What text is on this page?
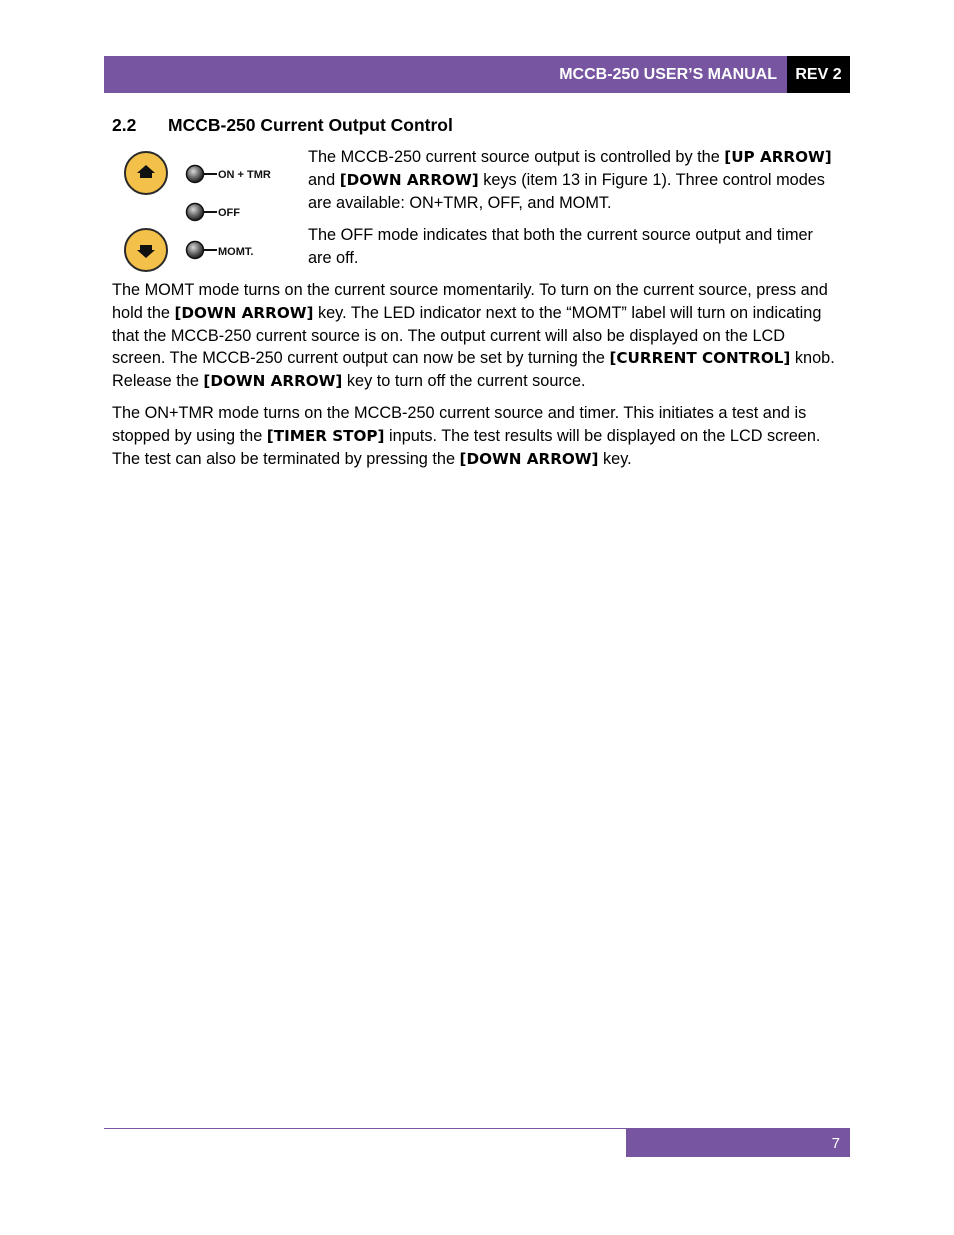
MCCB-250 USER’S MANUAL REV 2
2.2 MCCB-250 Current Output Control
ON + TMR
OFF
MOMT.

The MCCB-250 current source output is controlled by the [UP ARROW] and [DOWN ARROW] keys (item 13 in Figure 1). Three control modes are available: ON+TMR, OFF, and MOMT.

The OFF mode indicates that both the current source output and timer are off.

The MOMT mode turns on the current source momentarily. To turn on the current source, press and hold the [DOWN ARROW] key. The LED indicator next to the “MOMT” label will turn on indicating that the MCCB-250 current source is on. The output current will also be displayed on the LCD screen. The MCCB-250 current output can now be set by turning the [CURRENT CONTROL] knob. Release the [DOWN ARROW] key to turn off the current source.

The ON+TMR mode turns on the MCCB-250 current source and timer. This initiates a test and is stopped by using the [TIMER STOP] inputs. The test results will be displayed on the LCD screen. The test can also be terminated by pressing the [DOWN ARROW] key.

7
